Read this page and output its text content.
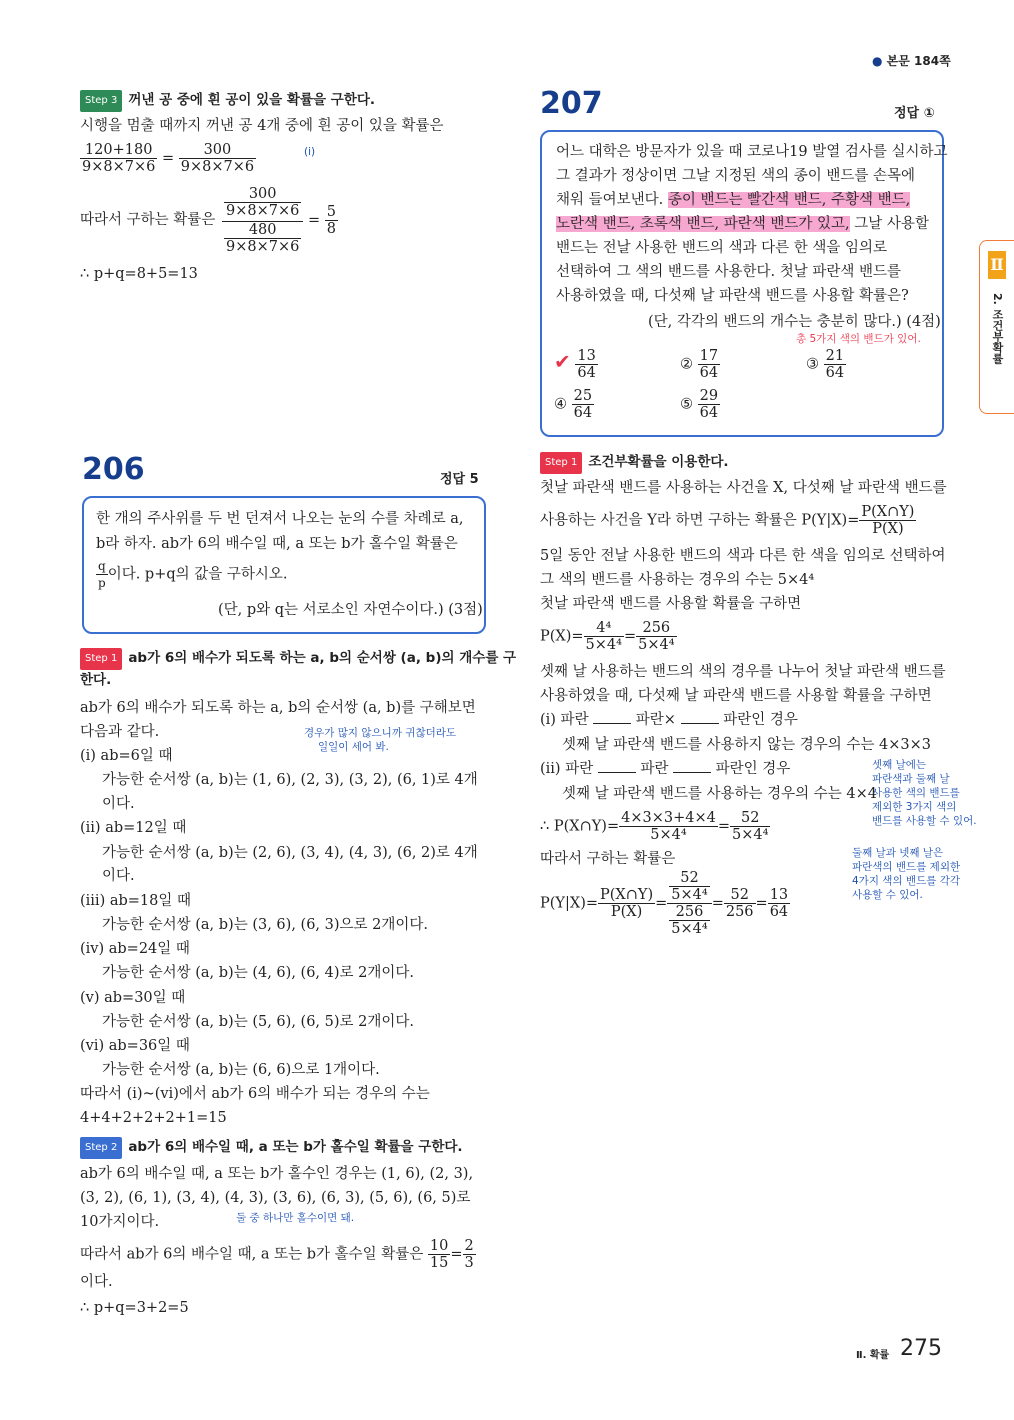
● 본문 184쪽
Step 3 꺼낸 공 중에 흰 공이 있을 확률을 구한다.
시행을 멈출 때까지 꺼낸 공 4개 중에 흰 공이 있을 확률은
$\frac{120+180}{9\times 8\times 7\times 6} = \frac{300}{9\times 8\times 7\times 6}$	(ⅰ)
따라서 구하는 확률은 $\frac{\frac{300}{9\times 8\times 7\times 6}}{\frac{480}{9\times 8\times 7\times 6}} = \frac{5}{8}$
∴ p+q=8+5=13
206	정답 5
한 개의 주사위를 두 번 던져서 나오는 눈의 수를 차례로 a,
b라 하자. ab가 6의 배수일 때, a 또는 b가 홀수일 확률은
$\frac{q}{p}$ 이다. p+q의 값을 구하시오.
(단, p와 q는 서로소인 자연수이다.) (3점)
Step 1 ab가 6의 배수가 되도록 하는 a, b의 순서쌍 (a, b)의 개수를 구
한다.
ab가 6의 배수가 되도록 하는 a, b의 순서쌍 (a, b)를 구해보면
다음과 같다.	경우가 많지 않으니까 귀찮더라도
일일이 세어 봐.
(ⅰ) ab=6일 때
가능한 순서쌍 (a, b)는 (1, 6), (2, 3), (3, 2), (6, 1)로 4개
이다.
(ⅱ) ab=12일 때
가능한 순서쌍 (a, b)는 (2, 6), (3, 4), (4, 3), (6, 2)로 4개
이다.
(ⅲ) ab=18일 때
가능한 순서쌍 (a, b)는 (3, 6), (6, 3)으로 2개이다.
(ⅳ) ab=24일 때
가능한 순서쌍 (a, b)는 (4, 6), (6, 4)로 2개이다.
(ⅴ) ab=30일 때
가능한 순서쌍 (a, b)는 (5, 6), (6, 5)로 2개이다.
(ⅵ) ab=36일 때
가능한 순서쌍 (a, b)는 (6, 6)으로 1개이다.
따라서 (ⅰ)~(ⅵ)에서 ab가 6의 배수가 되는 경우의 수는
4+4+2+2+2+1=15
Step 2 ab가 6의 배수일 때, a 또는 b가 홀수일 확률을 구한다.
ab가 6의 배수일 때, a 또는 b가 홀수인 경우는 (1, 6), (2, 3),
(3, 2), (6, 1), (3, 4), (4, 3), (3, 6), (6, 3), (5, 6), (6, 5)로
10가지이다.	둘 중 하나만 홀수이면 돼.
따라서 ab가 6의 배수일 때, a 또는 b가 홀수일 확률은 $\frac{10}{15} = \frac{2}{3}$
이다.
∴ p+q=3+2=5
207	정답 ①
어느 대학은 방문자가 있을 때 코로나19 발열 검사를 실시하고
그 결과가 정상이면 그날 지정된 색의 종이 밴드를 손목에
채워 들여보낸다. 종이 밴드는 빨간색 밴드, 주황색 밴드,
노란색 밴드, 초록색 밴드, 파란색 밴드가 있고, 그날 사용할
밴드는 전날 사용한 밴드의 색과 다른 한 색을 임의로
선택하여 그 색의 밴드를 사용한다. 첫날 파란색 밴드를
사용하였을 때, 다섯째 날 파란색 밴드를 사용할 확률은?
(단, 각각의 밴드의 개수는 충분히 많다.) (4점)
총 5가지 색의 밴드가 있어.
✔ $\frac{13}{64}$	② $\frac{17}{64}$	③ $\frac{21}{64}$
④ $\frac{25}{64}$	⑤ $\frac{29}{64}$
Step 1 조건부확률을 이용한다.
첫날 파란색 밴드를 사용하는 사건을 X, 다섯째 날 파란색 밴드를
사용하는 사건을 Y라 하면 구하는 확률은 $P(Y|X)= \frac{P(X\cap Y)}{P(X)}$
5일 동안 전날 사용한 밴드의 색과 다른 한 색을 임의로 선택하여
그 색의 밴드를 사용하는 경우의 수는 5×4⁴
첫날 파란색 밴드를 사용할 확률을 구하면
$P(X)= \frac{\text{4⁴}}{\text{5×4⁴}} = \frac{256}{\text{5×4⁴}}$
셋째 날 사용하는 밴드의 색의 경우를 나누어 첫날 파란색 밴드를
사용하였을 때, 다섯째 날 파란색 밴드를 사용할 확률을 구하면
(ⅰ) 파란	파란×	파란인 경우
셋째 날 파란색 밴드를 사용하지 않는 경우의 수는 4×3×3
(ⅱ) 파란	파란	파란인 경우
셋째 날 파란색 밴드를 사용하는 경우의 수는 4×4
∴ P(X∩Y)= $\frac{4\times 3\times 3+4\times 4}{\text{5×4⁴}} = \frac{52}{\text{5×4⁴}}$
따라서 구하는 확률은
$P(Y|X)= \frac{P(X\cap Y)}{P(X)} = \frac{\frac{52}{\text{5×4⁴}}}{\frac{256}{\text{5×4⁴}}} = \frac{52}{256} = \frac{13}{64}$
셋째 날에는
파란색과 둘째 날
사용한 색의 밴드를
제외한 3가지 색의
밴드를 사용할 수 있어.
둘째 날과 넷째 날은
파란색의 밴드를 제외한
4가지 색의 밴드를 각각
사용할 수 있어.
Ⅱ
2. 조건부확률
Ⅱ. 확률 275
